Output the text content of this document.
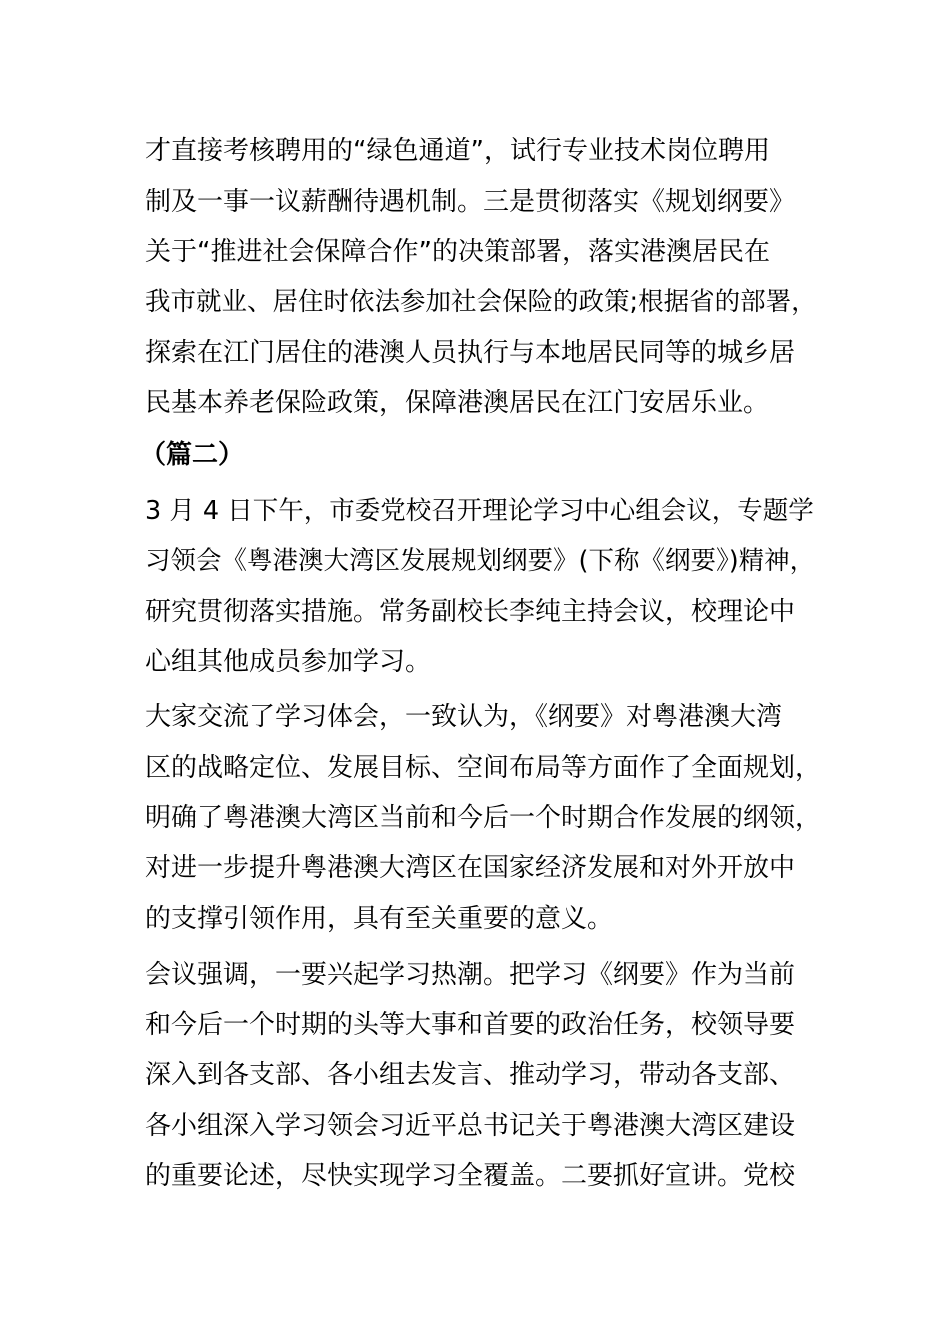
才直接考核聘用的“绿色通道”，试行专业技术岗位聘用
制及一事一议薪酬待遇机制。三是贯彻落实《规划纲要》
关于“推进社会保障合作”的决策部署，落实港澳居民在
我市就业、居住时依法参加社会保险的政策;根据省的部署，
探索在江门居住的港澳人员执行与本地居民同等的城乡居
民基本养老保险政策，保障港澳居民在江门安居乐业。
（篇二）
3 月 4 日下午，市委党校召开理论学习中心组会议，专题学
习领会《粤港澳大湾区发展规划纲要》(下称《纲要》)精神，
研究贯彻落实措施。常务副校长李纯主持会议，校理论中
心组其他成员参加学习。
大家交流了学习体会，一致认为，《纲要》对粤港澳大湾
区的战略定位、发展目标、空间布局等方面作了全面规划，
明确了粤港澳大湾区当前和今后一个时期合作发展的纲领，
对进一步提升粤港澳大湾区在国家经济发展和对外开放中
的支撑引领作用，具有至关重要的意义。
会议强调，一要兴起学习热潮。把学习《纲要》作为当前
和今后一个时期的头等大事和首要的政治任务，校领导要
深入到各支部、各小组去发言、推动学习，带动各支部、
各小组深入学习领会习近平总书记关于粤港澳大湾区建设
的重要论述，尽快实现学习全覆盖。二要抓好宣讲。党校
